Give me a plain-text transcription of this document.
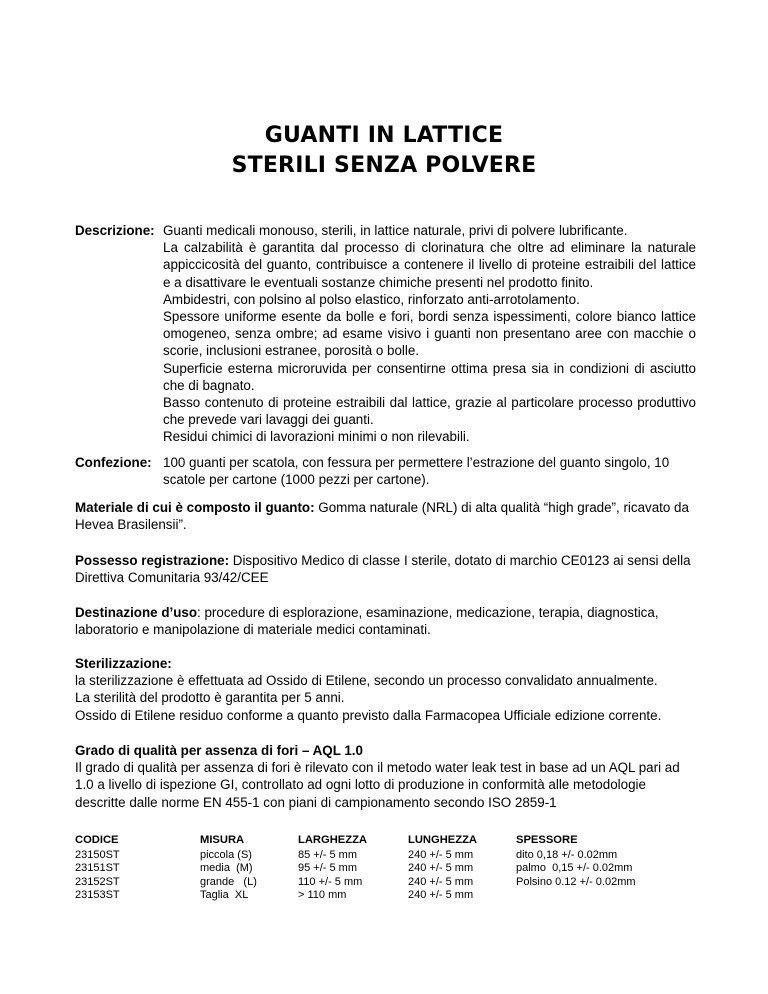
GUANTI IN LATTICE
STERILI SENZA POLVERE
Descrizione: Guanti medicali monouso, sterili, in lattice naturale, privi di polvere lubrificante.

La calzabilità è garantita dal processo di clorinatura che oltre ad eliminare la naturale appiccicosità del guanto, contribuisce a contenere il livello di proteine estraibili del lattice e a disattivare le eventuali sostanze chimiche presenti nel prodotto finito.

Ambidestri, con polsino al polso elastico, rinforzato anti-arrotolamento.

Spessore uniforme esente da bolle e fori, bordi senza ispessimenti, colore bianco lattice omogeneo, senza ombre; ad esame visivo i guanti non presentano aree con macchie o scorie, inclusioni estranee, porosità o bolle.

Superficie esterna microruvida per consentirne ottima presa sia in condizioni di asciutto che di bagnato.

Basso contenuto di proteine estraibili dal lattice, grazie al particolare processo produttivo che prevede vari lavaggi dei guanti.

Residui chimici di lavorazioni minimi o non rilevabili.

Confezione: 100 guanti per scatola, con fessura per permettere l’estrazione del guanto singolo, 10 scatole per cartone (1000 pezzi per cartone).

Materiale di cui è composto il guanto: Gomma naturale (NRL) di alta qualità “high grade”, ricavato da Hevea Brasilensii”.

Possesso registrazione: Dispositivo Medico di classe I sterile, dotato di marchio CE0123 ai sensi della Direttiva Comunitaria 93/42/CEE

Destinazione d’uso: procedure di esplorazione, esaminazione, medicazione, terapia, diagnostica, laboratorio e manipolazione di materiale medici contaminati.

Sterilizzazione:

la sterilizzazione è effettuata ad Ossido di Etilene, secondo un processo convalidato annualmente.

La sterilità del prodotto è garantita per 5 anni.

Ossido di Etilene residuo conforme a quanto previsto dalla Farmacopea Ufficiale edizione corrente.

Grado di qualità per assenza di fori – AQL 1.0

Il grado di qualità per assenza di fori è rilevato con il metodo water leak test in base ad un AQL pari ad 1.0 a livello di ispezione GI, controllato ad ogni lotto di produzione in conformità alle metodologie descritte dalle norme EN 455-1 con piani di campionamento secondo ISO 2859-1

CODICE
23150ST
23151ST
23152ST
23153ST
MISURA
piccola (S)
media  (M)
grande   (L)
Taglia  XL
LARGHEZZA
85 +/- 5 mm
95 +/- 5 mm
110 +/- 5 mm
> 110 mm
LUNGHEZZA
240 +/- 5 mm
240 +/- 5 mm
240 +/- 5 mm
240 +/- 5 mm
SPESSORE
dito 0,18 +/- 0.02mm
palmo  0,15 +/- 0.02mm
Polsino 0.12 +/- 0.02mm
